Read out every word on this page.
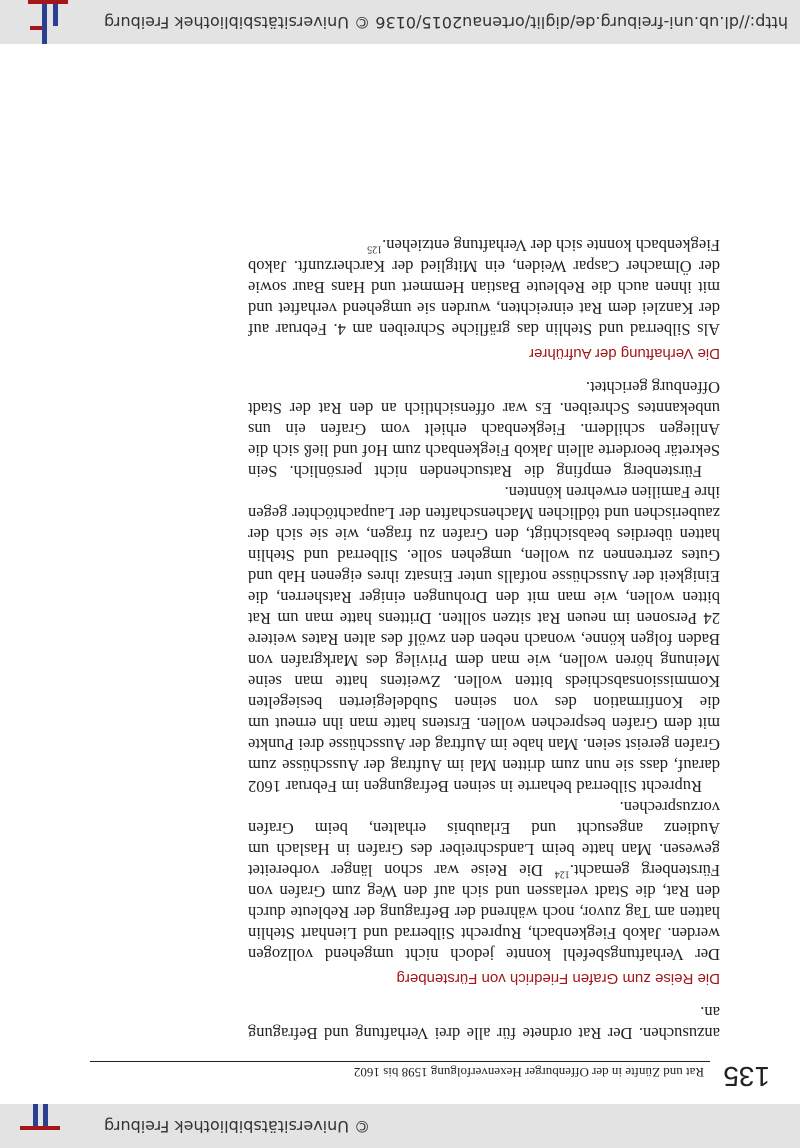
© Universitätsbibliothek Freiburg
135
Rat und Zünfte in der Offenburger Hexenverfolgung 1598 bis 1602

anzusuchen. Der Rat ordnete für alle drei Verhaftung und Befragung an.

Die Reise zum Grafen Friedrich von Fürstenberg

Der Verhaftungsbefehl konnte jedoch nicht umgehend vollzogen werden. Jakob Fiegkenbach, Ruprecht Silberrad und Lienhart Stehlin hatten am Tag zuvor, noch während der Befragung der Rebleute durch den Rat, die Stadt verlassen und sich auf den Weg zum Grafen von Fürstenberg gemacht.$^{124}$ Die Reise war schon länger vorbereitet gewesen. Man hatte beim Landschreiber des Grafen in Haslach um Audienz angesucht und Erlaubnis erhalten, beim Grafen vorzusprechen.

Ruprecht Silberrad beharrte in seinen Befragungen im Februar 1602 darauf, dass sie nun zum dritten Mal im Auftrag der Ausschüsse zum Grafen gereist seien. Man habe im Auftrag der Ausschüsse drei Punkte mit dem Grafen besprechen wollen. Erstens hatte man ihn erneut um die Konfirmation des von seinen Subdelegierten besiegelten Kommissionsabschieds bitten wollen. Zweitens hatte man seine Meinung hören wollen, wie man dem Privileg des Markgrafen von Baden folgen könne, wonach neben den zwölf des alten Rates weitere 24 Personen im neuen Rat sitzen sollten. Drittens hatte man um Rat bitten wollen, wie man mit den Drohungen einiger Ratsherren, die Einigkeit der Ausschüsse notfalls unter Einsatz ihres eigenen Hab und Gutes zertrennen zu wollen, umgehen solle. Silberrad und Stehlin hatten überdies beabsichtigt, den Grafen zu fragen, wie sie sich der zauberischen und tödlichen Machenschaften der Laupachtöchter gegen ihre Familien erwehren könnten.

Fürstenberg empfing die Ratsuchenden nicht persönlich. Sein Sekretär beorderte allein Jakob Fiegkenbach zum Hof und ließ sich die Anliegen schildern. Fiegkenbach erhielt vom Grafen ein uns unbekanntes Schreiben. Es war offensichtlich an den Rat der Stadt Offenburg gerichtet.

Die Verhaftung der Aufrührer

Als Silberrad und Stehlin das gräfliche Schreiben am 4. Februar auf der Kanzlei dem Rat einreichten, wurden sie umgehend verhaftet und mit ihnen auch die Rebleute Bastian Hemmert und Hans Baur sowie der Ölmacher Caspar Weiden, ein Mitglied der Karcherzunft. Jakob Fiegkenbach konnte sich der Verhaftung entziehen.$^{125}$

http://dl.ub.uni-freiburg.de/diglit/ortenau2015/0136
© Universitätsbibliothek Freiburg
